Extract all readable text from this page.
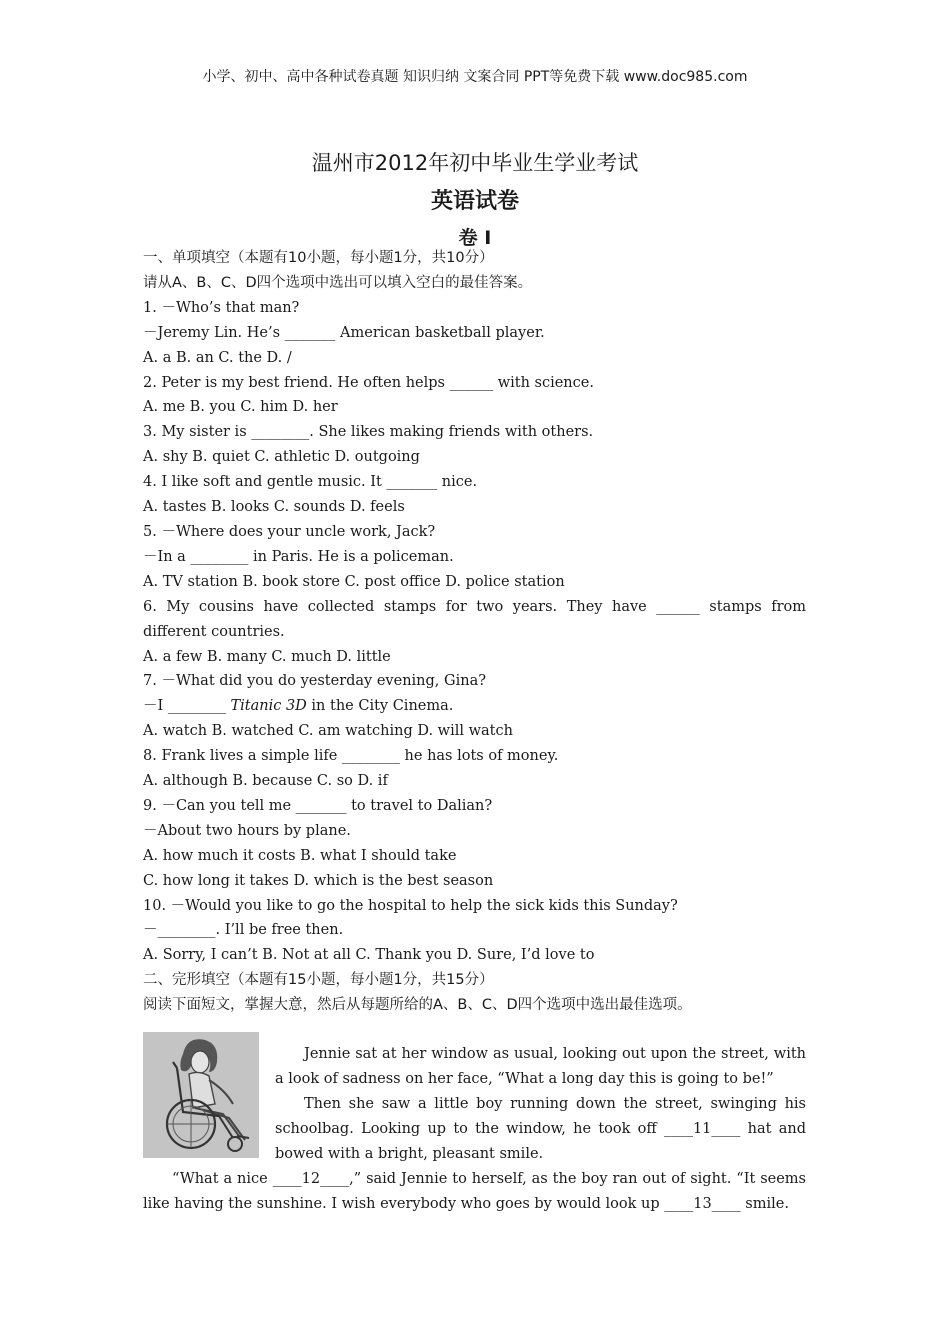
小学、初中、高中各种试卷真题 知识归纳 文案合同 PPT等免费下载 www.doc985.com
温州市2012年初中毕业生学业考试
英语试卷
卷 I
一、单项填空（本题有10小题，每小题1分，共10分）
请从A、B、C、D四个选项中选出可以填入空白的最佳答案。
1. －Who’s that man?
－Jeremy Lin. He’s _______ American basketball player.
A. a B. an C. the D. /
2. Peter is my best friend. He often helps ______ with science.
A. me B. you C. him D. her
3. My sister is ________. She likes making friends with others.
A. shy B. quiet C. athletic D. outgoing
4. I like soft and gentle music. It _______ nice.
A. tastes B. looks C. sounds D. feels
5. －Where does your uncle work, Jack?
－In a ________ in Paris. He is a policeman.
A. TV station B. book store C. post office D. police station
6. My cousins have collected stamps for two years. They have ______ stamps from different countries.
A. a few B. many C. much D. little
7. －What did you do yesterday evening, Gina?
－I ________ Titanic 3D in the City Cinema.
A. watch B. watched C. am watching D. will watch
8. Frank lives a simple life ________ he has lots of money.
A. although B. because C. so D. if
9. －Can you tell me _______ to travel to Dalian?
－About two hours by plane.
A. how much it costs B. what I should take
C. how long it takes D. which is the best season
10. －Would you like to go the hospital to help the sick kids this Sunday?
－________. I’ll be free then.
A. Sorry, I can’t B. Not at all C. Thank you D. Sure, I’d love to
二、完形填空（本题有15小题，每小题1分，共15分）
阅读下面短文，掌握大意，然后从每题所给的A、B、C、D四个选项中选出最佳选项。

Jennie sat at her window as usual, looking out upon the street, with a look of sadness on her face, “What a long day this is going to be!”

Then she saw a little boy running down the street, swinging his schoolbag. Looking up to the window, he took off ____11____ hat and bowed with a bright, pleasant smile.

“What a nice ____12____,” said Jennie to herself, as the boy ran out of sight. “It seems like having the sunshine. I wish everybody who goes by would look up ____13____ smile.
